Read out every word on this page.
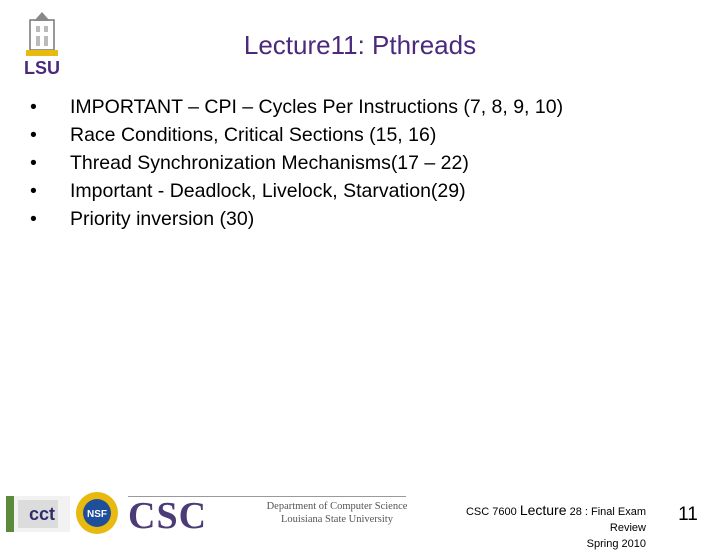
LSU
Lecture11: Pthreads
•	IMPORTANT – CPI – Cycles Per Instructions (7, 8, 9, 10)
•	Race Conditions, Critical Sections (15, 16)
•	Thread Synchronization Mechanisms(17 – 22)
•	Important - Deadlock, Livelock, Starvation(29)
•	Priority inversion (30)
cct	NSF CSC	Department of Computer Science
Louisiana State University
CSC 7600 Lecture 28 : Final Exam Review
Spring 2010
11
